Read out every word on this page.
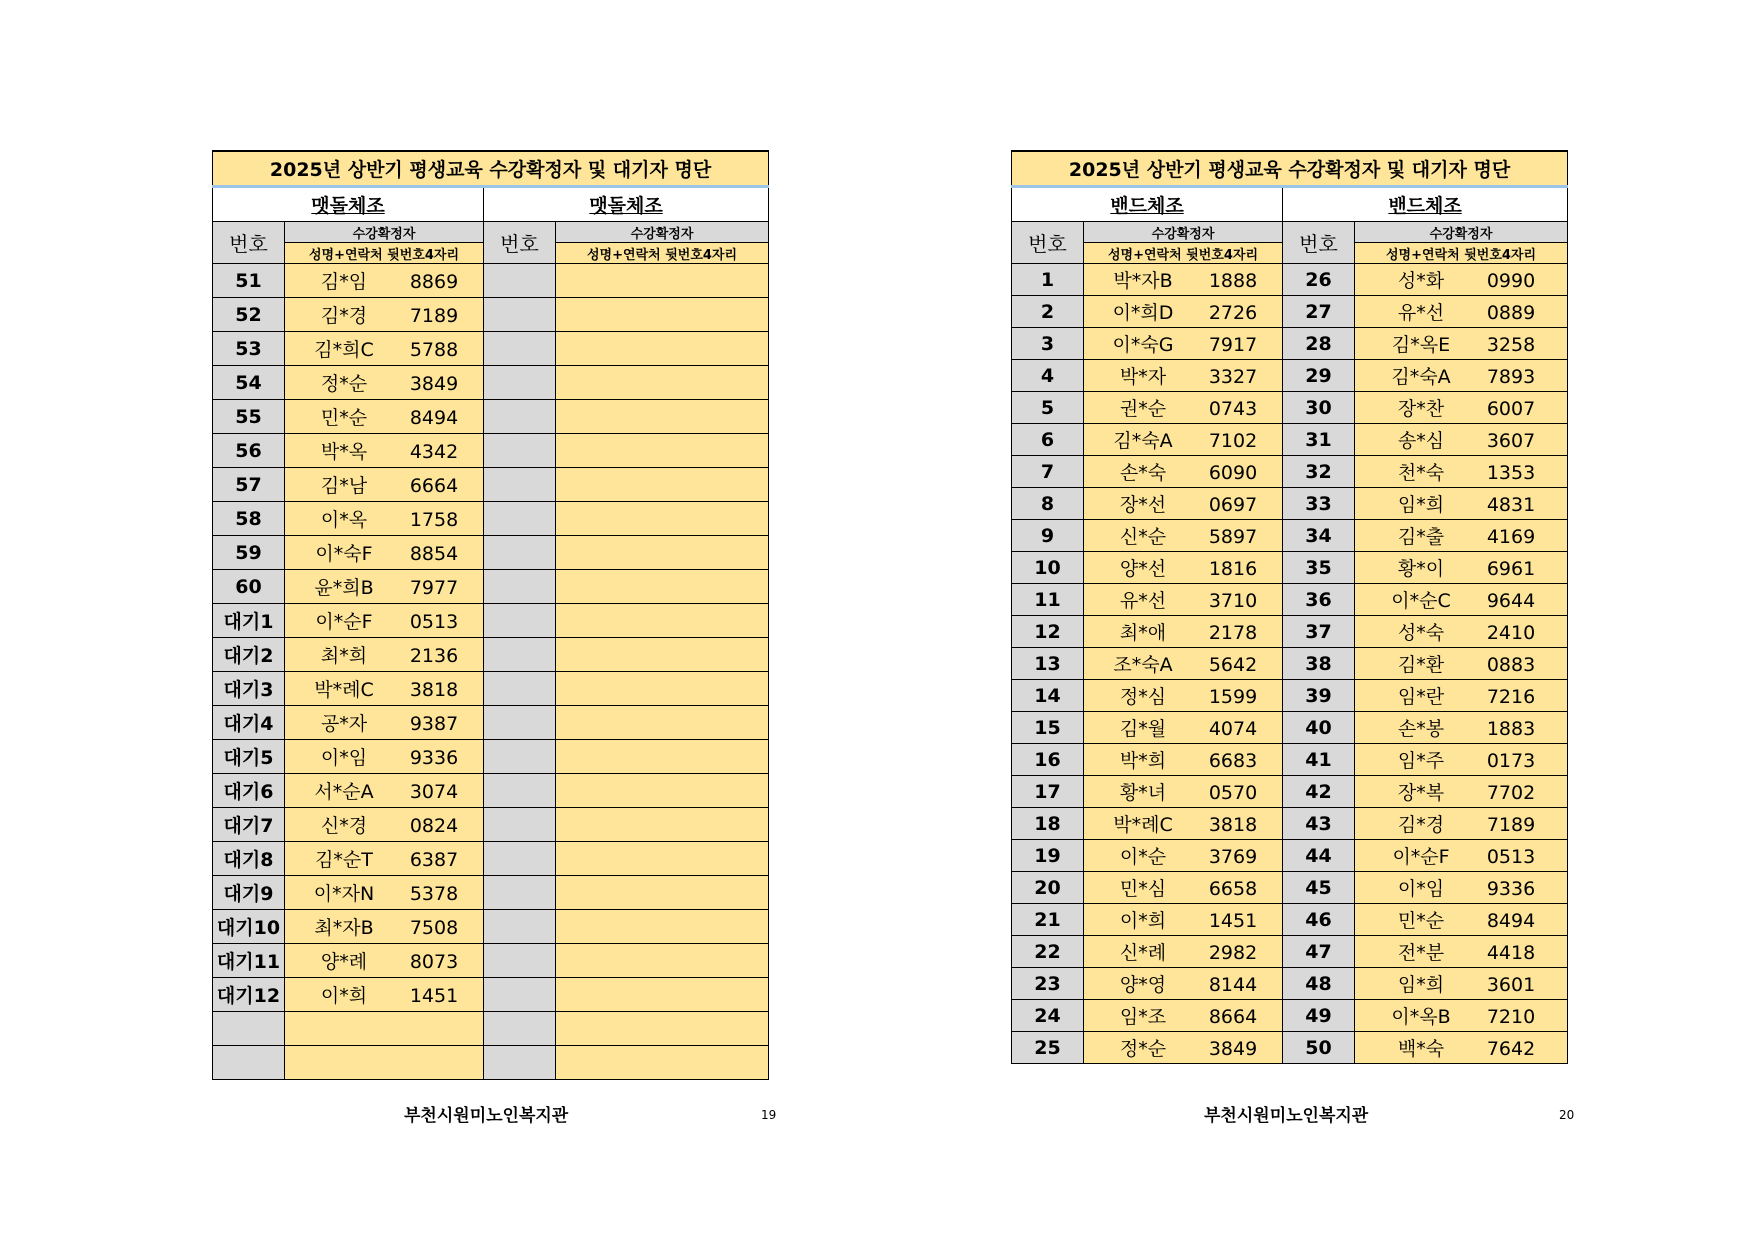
2025년 상반기 평생교육 수강확정자 및 대기자 명단			
맷돌체조		맷돌체조	
번호	수강확정자	번호	수강확정자
	성명+연락처 뒷번호4자리		성명+연락처 뒷번호4자리
51	김*임 8869		
52	김*경 7189		
53	김*희C 5788		
54	정*순 3849		
55	민*순 8494		
56	박*옥 4342		
57	김*남 6664		
58	이*옥 1758		
59	이*숙F 8854		
60	윤*희B 7977		
대기1	이*순F 0513		
대기2	최*희 2136		
대기3	박*례C 3818		
대기4	공*자 9387		
대기5	이*임 9336		
대기6	서*순A 3074		
대기7	신*경 0824		
대기8	김*순T 6387		
대기9	이*자N 5378		
대기10	최*자B 7508		
대기11	양*례 8073		
대기12	이*희 1451		

부천시원미노인복지관	19
2025년 상반기 평생교육 수강확정자 및 대기자 명단			
밴드체조		밴드체조	
번호	수강확정자	번호	수강확정자
	성명+연락처 뒷번호4자리		성명+연락처 뒷번호4자리
1	박*자B 1888	26	성*화 0990
2	이*희D 2726	27	유*선 0889
3	이*숙G 7917	28	김*옥E 3258
4	박*자 3327	29	김*숙A 7893
5	권*순 0743	30	장*찬 6007
6	김*숙A 7102	31	송*심 3607
7	손*숙 6090	32	천*숙 1353
8	장*선 0697	33	임*희 4831
9	신*순 5897	34	김*출 4169
10	양*선 1816	35	황*이 6961
11	유*선 3710	36	이*순C 9644
12	최*애 2178	37	성*숙 2410
13	조*숙A 5642	38	김*환 0883
14	정*심 1599	39	임*란 7216
15	김*월 4074	40	손*봉 1883
16	박*희 6683	41	임*주 0173
17	황*녀 0570	42	장*복 7702
18	박*례C 3818	43	김*경 7189
19	이*순 3769	44	이*순F 0513
20	민*심 6658	45	이*임 9336
21	이*희 1451	46	민*순 8494
22	신*례 2982	47	전*분 4418
23	양*영 8144	48	임*희 3601
24	임*조 8664	49	이*옥B 7210
25	정*순 3849	50	백*숙 7642
부천시원미노인복지관	20
